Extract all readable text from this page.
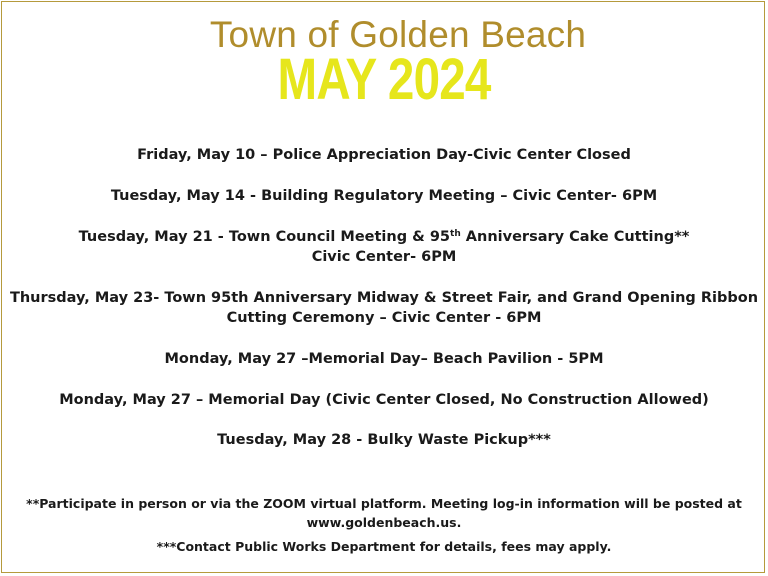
Town of Golden Beach
MAY 2024
Friday, May 10 – Police Appreciation Day-Civic Center Closed
Tuesday, May 14 - Building Regulatory Meeting – Civic Center- 6PM
Tuesday, May 21 - Town Council Meeting & 95th Anniversary Cake Cutting**
Civic Center- 6PM
Thursday, May 23- Town 95th Anniversary Midway & Street Fair, and Grand Opening Ribbon
Cutting Ceremony – Civic Center - 6PM
Monday, May 27 –Memorial Day– Beach Pavilion - 5PM
Monday, May 27 – Memorial Day (Civic Center Closed, No Construction Allowed)
Tuesday, May 28 - Bulky Waste Pickup***
**Participate in person or via the ZOOM virtual platform. Meeting log-in information will be posted at
www.goldenbeach.us.
***Contact Public Works Department for details, fees may apply.
